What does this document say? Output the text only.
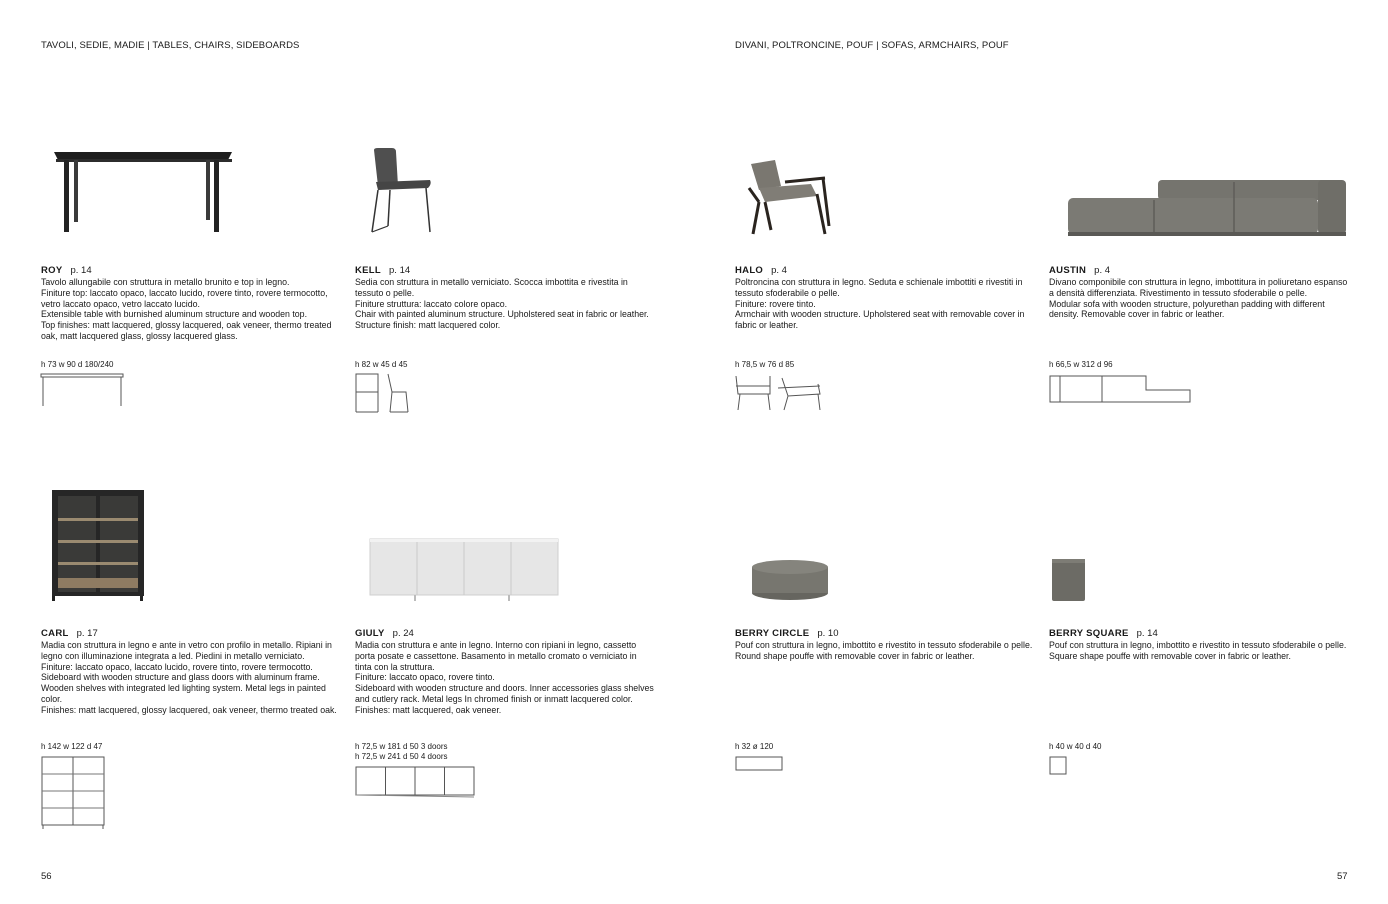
TAVOLI, SEDIE, MADIE | TABLES, CHAIRS, SIDEBOARDS	DIVANI, POLTRONCINE, POUF | SOFAS, ARMCHAIRS, POUF
ROY p. 14

Tavolo allungabile con struttura in metallo brunito e top in legno.

Finiture top: laccato opaco, laccato lucido, rovere tinto, rovere termocotto, vetro laccato opaco, vetro laccato lucido.

Extensible table with burnished aluminum structure and wooden top.

Top finishes: matt lacquered, glossy lacquered, oak veneer, thermo treated oak, matt lacquered glass, glossy lacquered glass.

h 73 w 90 d 180/240
KELL p. 14

Sedia con struttura in metallo verniciato. Scocca imbottita e rivestita in tessuto o pelle.

Finiture struttura: laccato colore opaco.

Chair with painted aluminum structure. Upholstered seat in fabric or leather.

Structure finish: matt lacquered color.

h 82 w 45 d 45
HALO p. 4

Poltroncina con struttura in legno. Seduta e schienale imbottiti e rivestiti in tessuto sfoderabile o pelle.

Finiture: rovere tinto.

Armchair with wooden structure. Upholstered seat with removable cover in fabric or leather.

h 78,5 w 76 d 85
AUSTIN p. 4

Divano componibile con struttura in legno, imbottitura in poliuretano espanso a densità differenziata. Rivestimento in tessuto sfoderabile o pelle.

Modular sofa with wooden structure, polyurethan padding with different density. Removable cover in fabric or leather.

h 66,5 w 312 d 96
CARL p. 17

Madia con struttura in legno e ante in vetro con profilo in metallo. Ripiani in legno con illuminazione integrata a led. Piedini in metallo verniciato.

Finiture: laccato opaco, laccato lucido, rovere tinto, rovere termocotto.

Sideboard with wooden structure and glass doors with aluminum frame. Wooden shelves with integrated led lighting system. Metal legs in painted color.

Finishes: matt lacquered, glossy lacquered, oak veneer, thermo treated oak.

h 142 w 122 d 47
GIULY p. 24

Madia con struttura e ante in legno. Interno con ripiani in legno, cassetto porta posate e cassettone. Basamento in metallo cromato o verniciato in tinta con la struttura.

Finiture: laccato opaco, rovere tinto.

Sideboard with wooden structure and doors. Inner accessories glass shelves and cutlery rack. Metal legs In chromed finish or inmatt lacquered color.

Finishes: matt lacquered, oak veneer.

h 72,5 w 181 d 50 3 doors
h 72,5 w 241 d 50 4 doors
BERRY CIRCLE p. 10

Pouf con struttura in legno, imbottito e rivestito in tessuto sfoderabile o pelle.

Round shape pouffe with removable cover in fabric or leather.

h 32 ø 120
BERRY SQUARE p. 14

Pouf con struttura in legno, imbottito e rivestito in tessuto sfoderabile o pelle.

Square shape pouffe with removable cover in fabric or leather.

h 40 w 40 d 40
56	57
